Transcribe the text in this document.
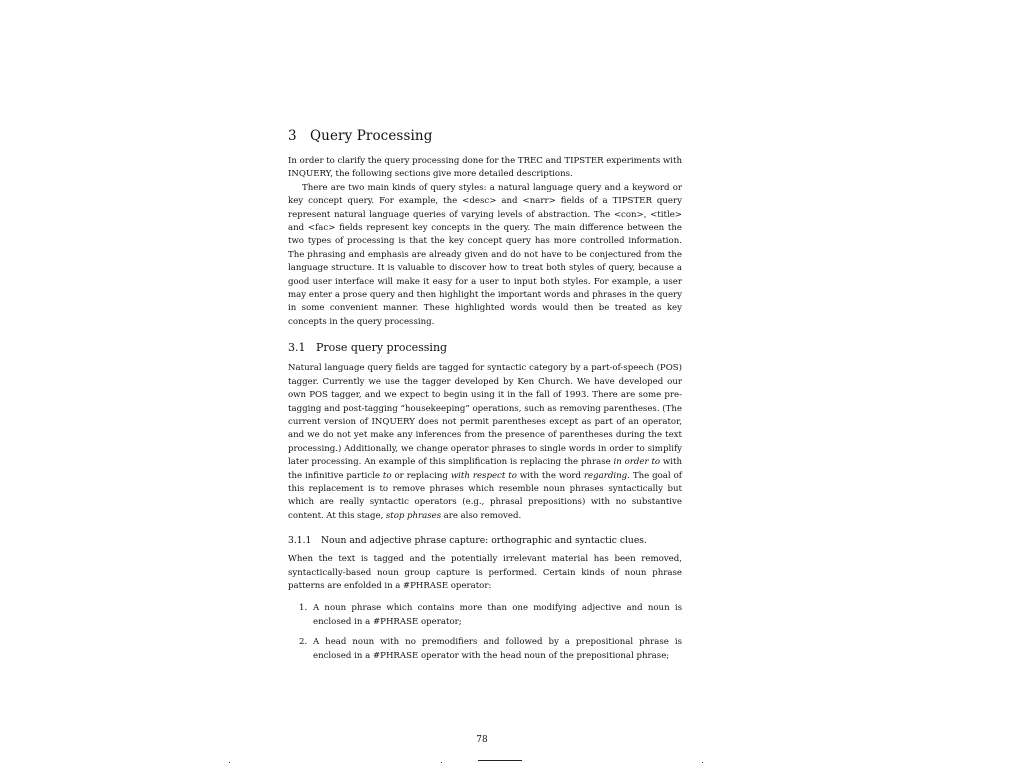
3 Query Processing

In order to clarify the query processing done for the TREC and TIPSTER experiments with INQUERY, the following sections give more detailed descriptions.

There are two main kinds of query styles: a natural language query and a keyword or key concept query. For example, the <desc> and <narr> fields of a TIPSTER query represent natural language queries of varying levels of abstraction. The <con>, <title> and <fac> fields represent key concepts in the query. The main difference between the two types of processing is that the key concept query has more controlled information. The phrasing and emphasis are already given and do not have to be conjectured from the language structure. It is valuable to discover how to treat both styles of query, because a good user interface will make it easy for a user to input both styles. For example, a user may enter a prose query and then highlight the important words and phrases in the query in some convenient manner. These highlighted words would then be treated as key concepts in the query processing.

3.1 Prose query processing

Natural language query fields are tagged for syntactic category by a part-of-speech (POS) tagger. Currently we use the tagger developed by Ken Church. We have developed our own POS tagger, and we expect to begin using it in the fall of 1993. There are some pre-tagging and post-tagging “housekeeping” operations, such as removing parentheses. (The current version of INQUERY does not permit parentheses except as part of an operator, and we do not yet make any inferences from the presence of parentheses during the text processing.) Additionally, we change operator phrases to single words in order to simplify later processing. An example of this simplification is replacing the phrase in order to with the infinitive particle to or replacing with respect to with the word regarding. The goal of this replacement is to remove phrases which resemble noun phrases syntactically but which are really syntactic operators (e.g., phrasal prepositions) with no substantive content. At this stage, stop phrases are also removed.

3.1.1 Noun and adjective phrase capture: orthographic and syntactic clues.

When the text is tagged and the potentially irrelevant material has been removed, syntactically-based noun group capture is performed. Certain kinds of noun phrase patterns are enfolded in a #PHRASE operator:

1. A noun phrase which contains more than one modifying adjective and noun is enclosed in a #PHRASE operator;
2. A head noun with no premodifiers and followed by a prepositional phrase is enclosed in a #PHRASE operator with the head noun of the prepositional phrase;
78
